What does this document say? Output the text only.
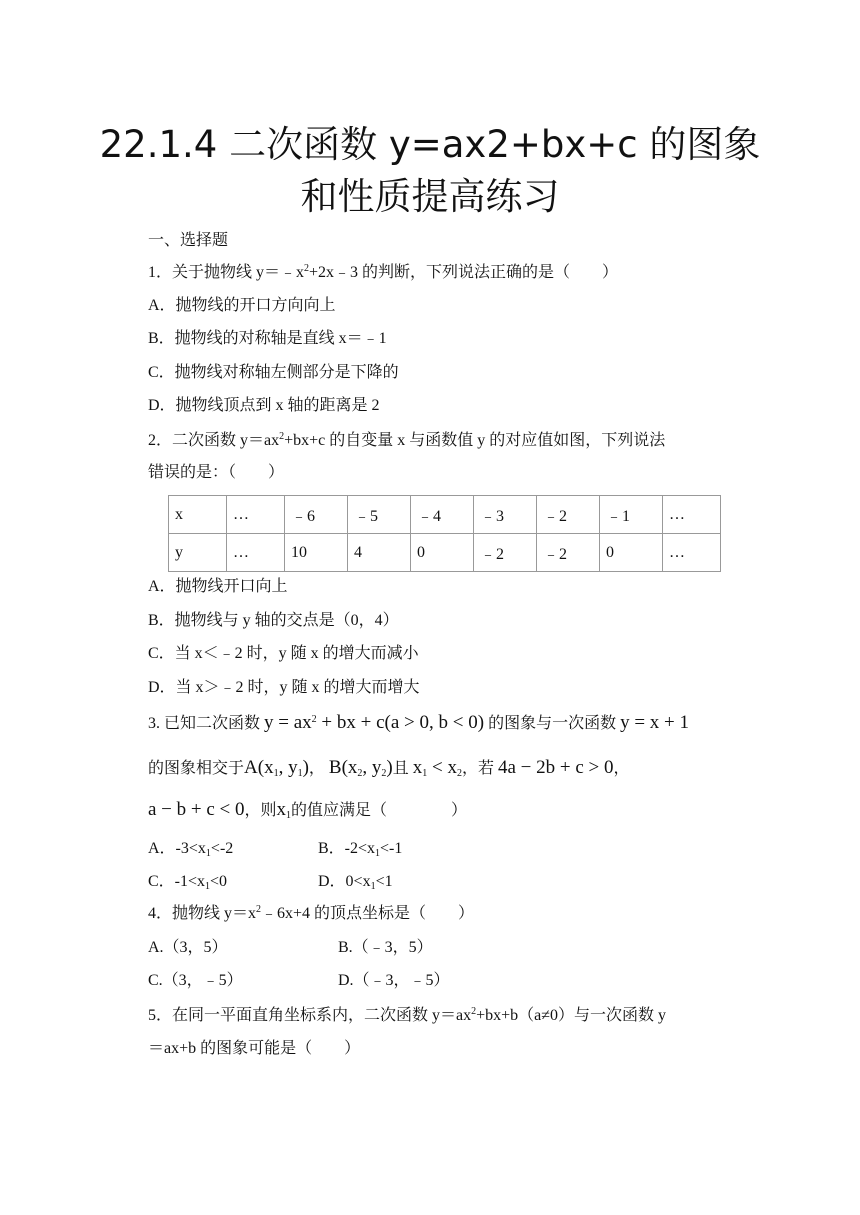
22.1.4 二次函数 y=ax2+bx+c 的图象
和性质提高练习
一、选择题
1．关于抛物线 $y=﹣x^2+2x﹣3$ 的判断，下列说法正确的是（　　）
A．抛物线的开口方向向上
B．抛物线的对称轴是直线 x＝﹣1
C．抛物线对称轴左侧部分是下降的
D．抛物线顶点到 x 轴的距离是 2
2．二次函数 $y=ax^2+bx+c$ 的自变量 x 与函数值 y 的对应值如图，下列说法
错误的是：（　　）
x	…	﹣6	﹣5	﹣4	﹣3	﹣2	﹣1	…
y	…	10	4	0	﹣2	﹣2	0	…
A．抛物线开口向上
B．抛物线与 y 轴的交点是（0，4）
C．当 x＜﹣2 时，y 随 x 的增大而减小
D．当 x＞﹣2 时，y 随 x 的增大而增大
3. 已知二次函数 $y = ax^2$ + bx + c(a > 0, b < 0) 的图象与一次函数 y = x + 1
的图象相交于$A(x_1$, $y_1$)， $B(x_2$, $y_2$)且 $x_1 < x_2$，若 4a − 2b + c > 0，
a − b + c < 0，则$x_1$的值应满足（　　　　）
A．$-3<x_1<-2$	B．$-2<x_1<-1$
C．$-1<x_1<0$	D．$0<x_1<1$
4．抛物线 $y=x^2﹣6x+4$ 的顶点坐标是（　　）
A.（3，5）	B.（﹣3，5）
C.（3，﹣5）	D.（﹣3，﹣5）
5．在同一平面直角坐标系内，二次函数 $y=ax^2+bx+b(a\ne 0)$与一次函数 y
＝ax+b 的图象可能是（　　）
